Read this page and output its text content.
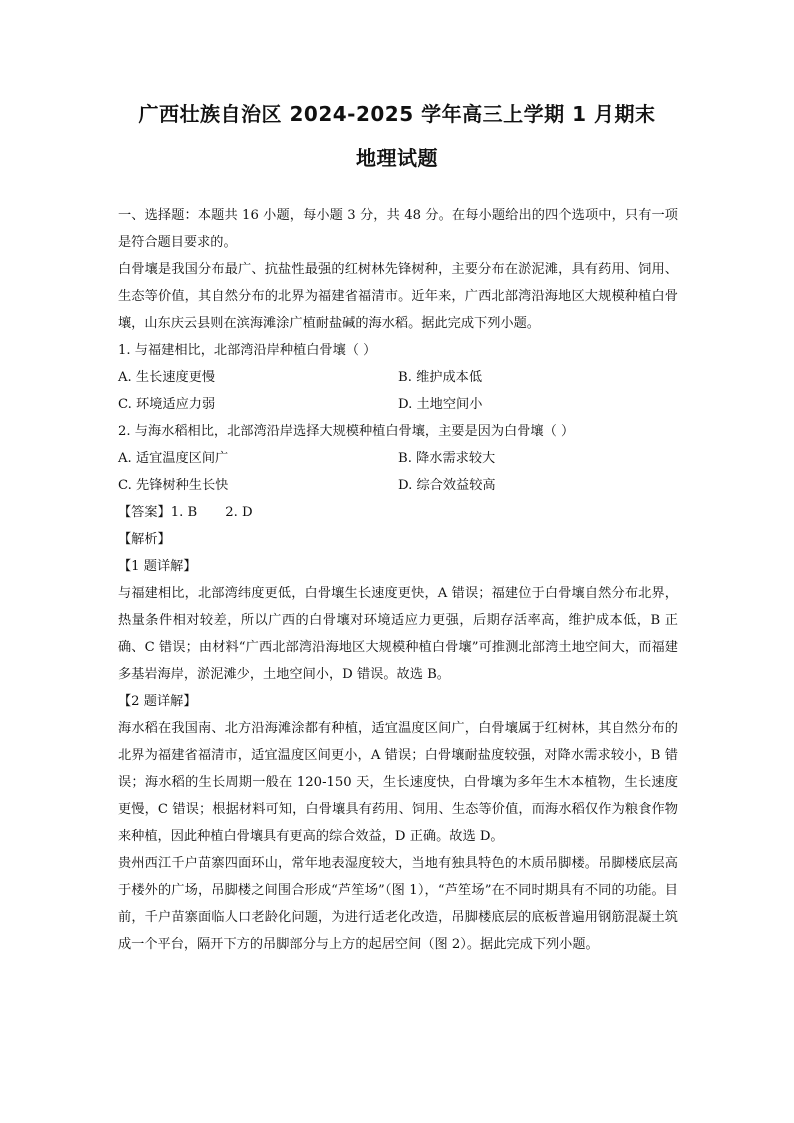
广西壮族自治区 2024-2025 学年高三上学期 1 月期末
地理试题

一、选择题：本题共 16 小题，每小题 3 分，共 48 分。在每小题给出的四个选项中，只有一项是符合题目要求的。

白骨壤是我国分布最广、抗盐性最强的红树林先锋树种，主要分布在淤泥滩，具有药用、饲用、生态等价值，其自然分布的北界为福建省福清市。近年来，广西北部湾沿海地区大规模种植白骨壤，山东庆云县则在滨海滩涂广植耐盐碱的海水稻。据此完成下列小题。

1. 与福建相比，北部湾沿岸种植白骨壤（ ）

A. 生长速度更慢	B. 维护成本低
C. 环境适应力弱	D. 土地空间小

2. 与海水稻相比，北部湾沿岸选择大规模种植白骨壤，主要是因为白骨壤（ ）

A. 适宜温度区间广	B. 降水需求较大
C. 先锋树种生长快	D. 综合效益较高

【答案】1. B 2. D

【解析】

【1 题详解】

与福建相比，北部湾纬度更低，白骨壤生长速度更快，A 错误；福建位于白骨壤自然分布北界，热量条件相对较差，所以广西的白骨壤对环境适应力更强，后期存活率高，维护成本低，B 正确、C 错误；由材料“广西北部湾沿海地区大规模种植白骨壤”可推测北部湾土地空间大，而福建多基岩海岸，淤泥滩少，土地空间小，D 错误。故选 B。

【2 题详解】

海水稻在我国南、北方沿海滩涂都有种植，适宜温度区间广，白骨壤属于红树林，其自然分布的北界为福建省福清市，适宜温度区间更小，A 错误；白骨壤耐盐度较强，对降水需求较小，B 错误；海水稻的生长周期一般在 120-150 天，生长速度快，白骨壤为多年生木本植物，生长速度更慢，C 错误；根据材料可知，白骨壤具有药用、饲用、生态等价值，而海水稻仅作为粮食作物来种植，因此种植白骨壤具有更高的综合效益，D 正确。故选 D。

贵州西江千户苗寨四面环山，常年地表湿度较大，当地有独具特色的木质吊脚楼。吊脚楼底层高于楼外的广场，吊脚楼之间围合形成“芦笙场”（图 1），“芦笙场”在不同时期具有不同的功能。目前，千户苗寨面临人口老龄化问题，为进行适老化改造，吊脚楼底层的底板普遍用钢筋混凝土筑成一个平台，隔开下方的吊脚部分与上方的起居空间（图 2）。据此完成下列小题。
